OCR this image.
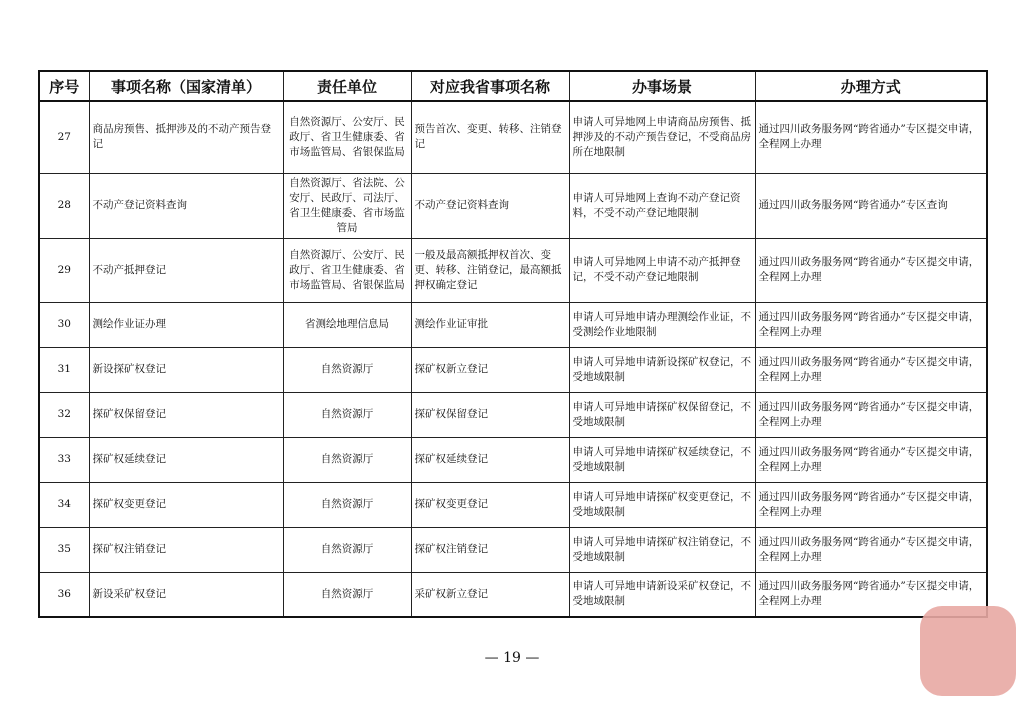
序号	事项名称（国家清单）	责任单位	对应我省事项名称	办事场景	办理方式
27	商品房预售、抵押涉及的不动产预告登记	自然资源厅、公安厅、民政厅、省卫生健康委、省市场监管局、省银保监局	预告首次、变更、转移、注销登记	申请人可异地网上申请商品房预售、抵押涉及的不动产预告登记，不受商品房所在地限制	通过四川政务服务网“跨省通办”专区提交申请，全程网上办理
28	不动产登记资料查询	自然资源厅、省法院、公安厅、民政厅、司法厅、省卫生健康委、省市场监管局	不动产登记资料查询	申请人可异地网上查询不动产登记资料，不受不动产登记地限制	通过四川政务服务网“跨省通办”专区查询
29	不动产抵押登记	自然资源厅、公安厅、民政厅、省卫生健康委、省市场监管局、省银保监局	一般及最高额抵押权首次、变更、转移、注销登记，最高额抵押权确定登记	申请人可异地网上申请不动产抵押登记，不受不动产登记地限制	通过四川政务服务网“跨省通办”专区提交申请，全程网上办理
30	测绘作业证办理	省测绘地理信息局	测绘作业证审批	申请人可异地申请办理测绘作业证，不受测绘作业地限制	通过四川政务服务网“跨省通办”专区提交申请，全程网上办理
31	新设探矿权登记	自然资源厅	探矿权新立登记	申请人可异地申请新设探矿权登记，不受地域限制	通过四川政务服务网“跨省通办”专区提交申请，全程网上办理
32	探矿权保留登记	自然资源厅	探矿权保留登记	申请人可异地申请探矿权保留登记，不受地域限制	通过四川政务服务网“跨省通办”专区提交申请，全程网上办理
33	探矿权延续登记	自然资源厅	探矿权延续登记	申请人可异地申请探矿权延续登记，不受地域限制	通过四川政务服务网“跨省通办”专区提交申请，全程网上办理
34	探矿权变更登记	自然资源厅	探矿权变更登记	申请人可异地申请探矿权变更登记，不受地域限制	通过四川政务服务网“跨省通办”专区提交申请，全程网上办理
35	探矿权注销登记	自然资源厅	探矿权注销登记	申请人可异地申请探矿权注销登记，不受地域限制	通过四川政务服务网“跨省通办”专区提交申请，全程网上办理
36	新设采矿权登记	自然资源厅	采矿权新立登记	申请人可异地申请新设采矿权登记，不受地域限制	通过四川政务服务网“跨省通办”专区提交申请，全程网上办理
— 19 —
